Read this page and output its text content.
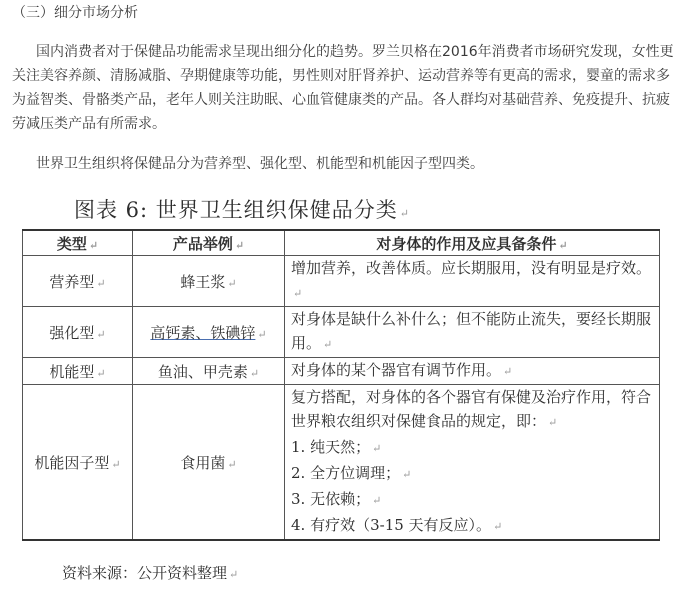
（三）细分市场分析
国内消费者对于保健品功能需求呈现出细分化的趋势。罗兰贝格在2016年消费者市场研究发现，女性更关注美容养颜、清肠减脂、孕期健康等功能，男性则对肝肾养护、运动营养等有更高的需求，婴童的需求多为益智类、骨骼类产品，老年人则关注助眠、心血管健康类的产品。各人群均对基础营养、免疫提升、抗疲劳减压类产品有所需求。
世界卫生组织将保健品分为营养型、强化型、机能型和机能因子型四类。
图表 6: 世界卫生组织保健品分类 ↵
类型 ↵	产品举例 ↵	对身体的作用及应具备条件 ↵
营养型 ↵	蜂王浆 ↵	增加营养，改善体质。应长期服用，没有明显是疗效。↵
强化型 ↵	高钙素、铁碘锌 ↵	对身体是缺什么补什么；但不能防止流失，要经长期服用。 ↵
机能型 ↵	鱼油、甲壳素 ↵	对身体的某个器官有调节作用。 ↵
机能因子型 ↵	食用菌 ↵	复方搭配，对身体的各个器官有保健及治疗作用，符合世界粮农组织对保健食品的规定，即： ↵
1. 纯天然； ↵
2. 全方位调理； ↵
3. 无依赖； ↵
4. 有疗效（3-15 天有反应）。 ↵
资料来源：公开资料整理 ↵
